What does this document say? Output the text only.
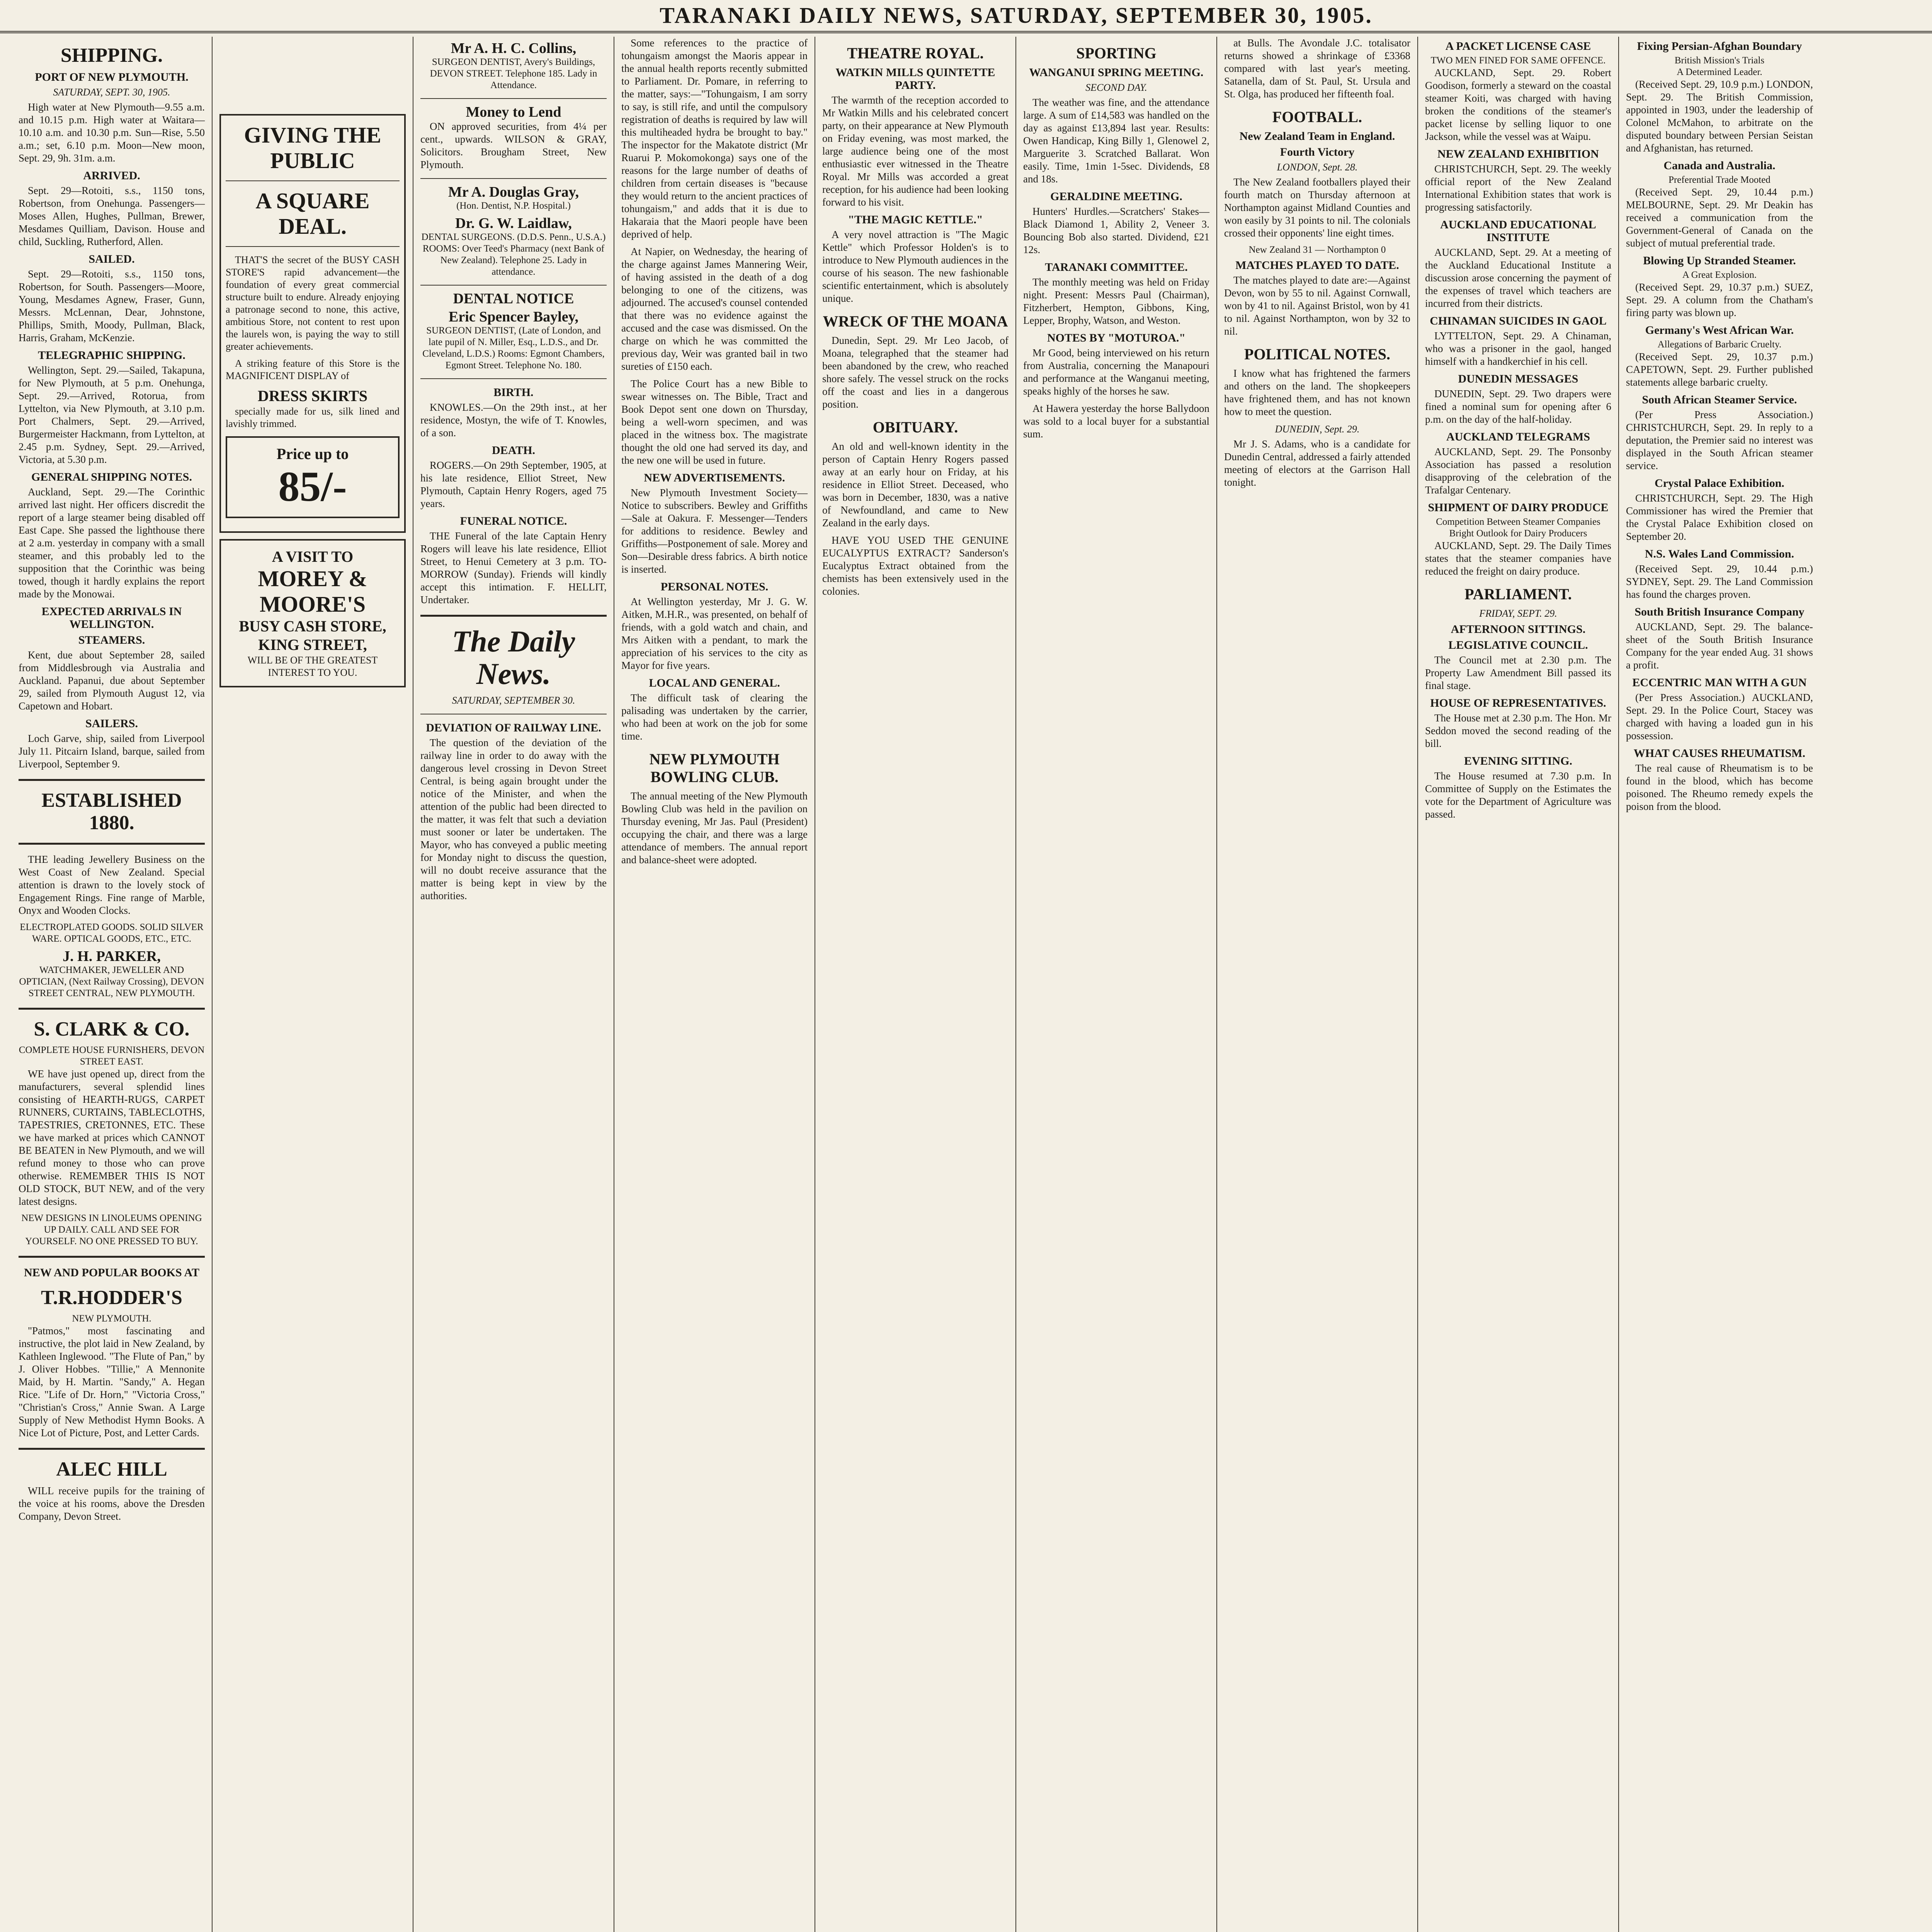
TARANAKI DAILY NEWS, SATURDAY, SEPTEMBER 30, 1905.
SHIPPING.
PORT OF NEW PLYMOUTH.
SATURDAY, SEPT. 30, 1905.

High water at New Plymouth—9.55 a.m. and 10.15 p.m. High water at Waitara—10.10 a.m. and 10.30 p.m. Sun—Rise, 5.50 a.m.; set, 6.10 p.m. Moon—New moon, Sept. 29, 9h. 31m. a.m.

ARRIVED.

Sept. 29—Rotoiti, s.s., 1150 tons, Robertson, from Onehunga. Passengers—Moses Allen, Hughes, Pullman, Brewer, Mesdames Quilliam, Davison. House and child, Suckling, Rutherford, Allen.

SAILED.

Sept. 29—Rotoiti, s.s., 1150 tons, Robertson, for South. Passengers—Moore, Young, Mesdames Agnew, Fraser, Gunn, Messrs. McLennan, Dear, Johnstone, Phillips, Smith, Moody, Pullman, Black, Harris, Graham, McKenzie.

TELEGRAPHIC SHIPPING.

Wellington, Sept. 29.—Sailed, Takapuna, for New Plymouth, at 5 p.m. Onehunga, Sept. 29.—Arrived, Rotorua, from Lyttelton, via New Plymouth, at 3.10 p.m. Port Chalmers, Sept. 29.—Arrived, Burgermeister Hackmann, from Lyttelton, at 2.45 p.m. Sydney, Sept. 29.—Arrived, Victoria, at 5.30 p.m.

GENERAL SHIPPING NOTES.

Auckland, Sept. 29.—The Corinthic arrived last night. Her officers discredit the report of a large steamer being disabled off East Cape. She passed the lighthouse there at 2 a.m. yesterday in company with a small steamer, and this probably led to the supposition that the Corinthic was being towed, though it hardly explains the report made by the Monowai.

EXPECTED ARRIVALS IN WELLINGTON.
STEAMERS.

Kent, due about September 28, sailed from Middlesbrough via Australia and Auckland. Papanui, due about September 29, sailed from Plymouth August 12, via Capetown and Hobart.

SAILERS.

Loch Garve, ship, sailed from Liverpool July 11. Pitcairn Island, barque, sailed from Liverpool, September 9.

ESTABLISHED 1880.

THE leading Jewellery Business on the West Coast of New Zealand. Special attention is drawn to the lovely stock of Engagement Rings. Fine range of Marble, Onyx and Wooden Clocks.

ELECTROPLATED GOODS. SOLID SILVER WARE. OPTICAL GOODS, ETC., ETC.
J. H. PARKER,
WATCHMAKER, JEWELLER AND OPTICIAN, (Next Railway Crossing), DEVON STREET CENTRAL, NEW PLYMOUTH.
S. CLARK & CO.
COMPLETE HOUSE FURNISHERS, DEVON STREET EAST.

WE have just opened up, direct from the manufacturers, several splendid lines consisting of HEARTH-RUGS, CARPET RUNNERS, CURTAINS, TABLECLOTHS, TAPESTRIES, CRETONNES, ETC. These we have marked at prices which CANNOT BE BEATEN in New Plymouth, and we will refund money to those who can prove otherwise. REMEMBER THIS IS NOT OLD STOCK, BUT NEW, and of the very latest designs.

NEW DESIGNS IN LINOLEUMS OPENING UP DAILY. CALL AND SEE FOR YOURSELF. NO ONE PRESSED TO BUY.
NEW AND POPULAR BOOKS AT
T.R.HODDER'S
NEW PLYMOUTH.

"Patmos," most fascinating and instructive, the plot laid in New Zealand, by Kathleen Inglewood. "The Flute of Pan," by J. Oliver Hobbes. "Tillie," A Mennonite Maid, by H. Martin. "Sandy," A. Hegan Rice. "Life of Dr. Horn," "Victoria Cross," "Christian's Cross," Annie Swan. A Large Supply of New Methodist Hymn Books. A Nice Lot of Picture, Post, and Letter Cards.

ALEC HILL

WILL receive pupils for the training of the voice at his rooms, above the Dresden Company, Devon Street.

GIVING THE PUBLIC
A SQUARE DEAL.

THAT'S the secret of the BUSY CASH STORE'S rapid advancement—the foundation of every great commercial structure built to endure. Already enjoying a patronage second to none, this active, ambitious Store, not content to rest upon the laurels won, is paying the way to still greater achievements.

A striking feature of this Store is the MAGNIFICENT DISPLAY of

DRESS SKIRTS

specially made for us, silk lined and lavishly trimmed.

Price up to
85/-
A VISIT TO
MOREY & MOORE'S
BUSY CASH STORE,
KING STREET,
WILL BE OF THE GREATEST INTEREST TO YOU.
Mr A. H. C. Collins,
SURGEON DENTIST, Avery's Buildings, DEVON STREET. Telephone 185. Lady in Attendance.
Money to Lend

ON approved securities, from 4¼ per cent., upwards. WILSON & GRAY, Solicitors. Brougham Street, New Plymouth.

Mr A. Douglas Gray,
(Hon. Dentist, N.P. Hospital.)
Dr. G. W. Laidlaw,
DENTAL SURGEONS. (D.D.S. Penn., U.S.A.) ROOMS: Over Teed's Pharmacy (next Bank of New Zealand). Telephone 25. Lady in attendance.
DENTAL NOTICE
Eric Spencer Bayley,
SURGEON DENTIST, (Late of London, and late pupil of N. Miller, Esq., L.D.S., and Dr. Cleveland, L.D.S.) Rooms: Egmont Chambers, Egmont Street. Telephone No. 180.
BIRTH.

KNOWLES.—On the 29th inst., at her residence, Mostyn, the wife of T. Knowles, of a son.

DEATH.

ROGERS.—On 29th September, 1905, at his late residence, Elliot Street, New Plymouth, Captain Henry Rogers, aged 75 years.

FUNERAL NOTICE.

THE Funeral of the late Captain Henry Rogers will leave his late residence, Elliot Street, to Henui Cemetery at 3 p.m. TO-MORROW (Sunday). Friends will kindly accept this intimation. F. HELLIT, Undertaker.

The Daily News.
SATURDAY, SEPTEMBER 30.
DEVIATION OF RAILWAY LINE.

The question of the deviation of the railway line in order to do away with the dangerous level crossing in Devon Street Central, is being again brought under the notice of the Minister, and when the attention of the public had been directed to the matter, it was felt that such a deviation must sooner or later be undertaken. The Mayor, who has conveyed a public meeting for Monday night to discuss the question, will no doubt receive assurance that the matter is being kept in view by the authorities.

Some references to the practice of tohungaism amongst the Maoris appear in the annual health reports recently submitted to Parliament. Dr. Pomare, in referring to the matter, says:—"Tohungaism, I am sorry to say, is still rife, and until the compulsory registration of deaths is required by law will this multiheaded hydra be brought to bay." The inspector for the Makatote district (Mr Ruarui P. Mokomokonga) says one of the reasons for the large number of deaths of children from certain diseases is "because they would return to the ancient practices of tohungaism," and adds that it is due to Hakaraia that the Maori people have been deprived of help.

At Napier, on Wednesday, the hearing of the charge against James Mannering Weir, of having assisted in the death of a dog belonging to one of the citizens, was adjourned. The accused's counsel contended that there was no evidence against the accused and the case was dismissed. On the charge on which he was committed the previous day, Weir was granted bail in two sureties of £150 each.

The Police Court has a new Bible to swear witnesses on. The Bible, Tract and Book Depot sent one down on Thursday, being a well-worn specimen, and was placed in the witness box. The magistrate thought the old one had served its day, and the new one will be used in future.

NEW ADVERTISEMENTS.

New Plymouth Investment Society—Notice to subscribers. Bewley and Griffiths—Sale at Oakura. F. Messenger—Tenders for additions to residence. Bewley and Griffiths—Postponement of sale. Morey and Son—Desirable dress fabrics. A birth notice is inserted.

PERSONAL NOTES.

At Wellington yesterday, Mr J. G. W. Aitken, M.H.R., was presented, on behalf of friends, with a gold watch and chain, and Mrs Aitken with a pendant, to mark the appreciation of his services to the city as Mayor for five years.

LOCAL AND GENERAL.

The difficult task of clearing the palisading was undertaken by the carrier, who had been at work on the job for some time.

NEW PLYMOUTH BOWLING CLUB.

The annual meeting of the New Plymouth Bowling Club was held in the pavilion on Thursday evening, Mr Jas. Paul (President) occupying the chair, and there was a large attendance of members. The annual report and balance-sheet were adopted.

THEATRE ROYAL.
WATKIN MILLS QUINTETTE PARTY.

The warmth of the reception accorded to Mr Watkin Mills and his celebrated concert party, on their appearance at New Plymouth on Friday evening, was most marked, the large audience being one of the most enthusiastic ever witnessed in the Theatre Royal. Mr Mills was accorded a great reception, for his audience had been looking forward to his visit.

"THE MAGIC KETTLE."

A very novel attraction is "The Magic Kettle" which Professor Holden's is to introduce to New Plymouth audiences in the course of his season. The new fashionable scientific entertainment, which is absolutely unique.

WRECK OF THE MOANA

Dunedin, Sept. 29. Mr Leo Jacob, of Moana, telegraphed that the steamer had been abandoned by the crew, who reached shore safely. The vessel struck on the rocks off the coast and lies in a dangerous position.

OBITUARY.

An old and well-known identity in the person of Captain Henry Rogers passed away at an early hour on Friday, at his residence in Elliot Street. Deceased, who was born in December, 1830, was a native of Newfoundland, and came to New Zealand in the early days.

HAVE YOU USED THE GENUINE EUCALYPTUS EXTRACT? Sanderson's Eucalyptus Extract obtained from the chemists has been extensively used in the colonies.

SPORTING
WANGANUI SPRING MEETING.
SECOND DAY.

The weather was fine, and the attendance large. A sum of £14,583 was handled on the day as against £13,894 last year. Results: Owen Handicap, King Billy 1, Glenowel 2, Marguerite 3. Scratched Ballarat. Won easily. Time, 1min 1-5sec. Dividends, £8 and 18s.

GERALDINE MEETING.

Hunters' Hurdles.—Scratchers' Stakes—Black Diamond 1, Ability 2, Veneer 3. Bouncing Bob also started. Dividend, £21 12s.

TARANAKI COMMITTEE.

The monthly meeting was held on Friday night. Present: Messrs Paul (Chairman), Fitzherbert, Hempton, Gibbons, King, Lepper, Brophy, Watson, and Weston.

NOTES BY "MOTUROA."

Mr Good, being interviewed on his return from Australia, concerning the Manapouri and performance at the Wanganui meeting, speaks highly of the horses he saw.

At Hawera yesterday the horse Ballydoon was sold to a local buyer for a substantial sum.

at Bulls. The Avondale J.C. totalisator returns showed a shrinkage of £3368 compared with last year's meeting. Satanella, dam of St. Paul, St. Ursula and St. Olga, has produced her fifteenth foal.

FOOTBALL.
New Zealand Team in England.
Fourth Victory
LONDON, Sept. 28.

The New Zealand footballers played their fourth match on Thursday afternoon at Northampton against Midland Counties and won easily by 31 points to nil. The colonials crossed their opponents' line eight times.

New Zealand 31 — Northampton 0
MATCHES PLAYED TO DATE.

The matches played to date are:—Against Devon, won by 55 to nil. Against Cornwall, won by 41 to nil. Against Bristol, won by 41 to nil. Against Northampton, won by 32 to nil.

POLITICAL NOTES.

I know what has frightened the farmers and others on the land. The shopkeepers have frightened them, and has not known how to meet the question.

DUNEDIN, Sept. 29.

Mr J. S. Adams, who is a candidate for Dunedin Central, addressed a fairly attended meeting of electors at the Garrison Hall tonight.

A PACKET LICENSE CASE
TWO MEN FINED FOR SAME OFFENCE.

AUCKLAND, Sept. 29. Robert Goodison, formerly a steward on the coastal steamer Koiti, was charged with having broken the conditions of the steamer's packet license by selling liquor to one Jackson, while the vessel was at Waipu.

NEW ZEALAND EXHIBITION

CHRISTCHURCH, Sept. 29. The weekly official report of the New Zealand International Exhibition states that work is progressing satisfactorily.

AUCKLAND EDUCATIONAL INSTITUTE

AUCKLAND, Sept. 29. At a meeting of the Auckland Educational Institute a discussion arose concerning the payment of the expenses of travel which teachers are incurred from their districts.

CHINAMAN SUICIDES IN GAOL

LYTTELTON, Sept. 29. A Chinaman, who was a prisoner in the gaol, hanged himself with a handkerchief in his cell.

DUNEDIN MESSAGES

DUNEDIN, Sept. 29. Two drapers were fined a nominal sum for opening after 6 p.m. on the day of the half-holiday.

AUCKLAND TELEGRAMS

AUCKLAND, Sept. 29. The Ponsonby Association has passed a resolution disapproving of the celebration of the Trafalgar Centenary.

SHIPMENT OF DAIRY PRODUCE
Competition Between Steamer Companies
Bright Outlook for Dairy Producers

AUCKLAND, Sept. 29. The Daily Times states that the steamer companies have reduced the freight on dairy produce.

PARLIAMENT.
FRIDAY, SEPT. 29.
AFTERNOON SITTINGS.
LEGISLATIVE COUNCIL.

The Council met at 2.30 p.m. The Property Law Amendment Bill passed its final stage.

HOUSE OF REPRESENTATIVES.

The House met at 2.30 p.m. The Hon. Mr Seddon moved the second reading of the bill.

EVENING SITTING.

The House resumed at 7.30 p.m. In Committee of Supply on the Estimates the vote for the Department of Agriculture was passed.

Fixing Persian-Afghan Boundary
British Mission's Trials
A Determined Leader.

(Received Sept. 29, 10.9 p.m.) LONDON, Sept. 29. The British Commission, appointed in 1903, under the leadership of Colonel McMahon, to arbitrate on the disputed boundary between Persian Seistan and Afghanistan, has returned.

Canada and Australia.
Preferential Trade Mooted

(Received Sept. 29, 10.44 p.m.) MELBOURNE, Sept. 29. Mr Deakin has received a communication from the Government-General of Canada on the subject of mutual preferential trade.

Blowing Up Stranded Steamer.
A Great Explosion.

(Received Sept. 29, 10.37 p.m.) SUEZ, Sept. 29. A column from the Chatham's firing party was blown up.

Germany's West African War.
Allegations of Barbaric Cruelty.

(Received Sept. 29, 10.37 p.m.) CAPETOWN, Sept. 29. Further published statements allege barbaric cruelty.

South African Steamer Service.

(Per Press Association.) CHRISTCHURCH, Sept. 29. In reply to a deputation, the Premier said no interest was displayed in the South African steamer service.

Crystal Palace Exhibition.

CHRISTCHURCH, Sept. 29. The High Commissioner has wired the Premier that the Crystal Palace Exhibition closed on September 20.

N.S. Wales Land Commission.

(Received Sept. 29, 10.44 p.m.) SYDNEY, Sept. 29. The Land Commission has found the charges proven.

South British Insurance Company

AUCKLAND, Sept. 29. The balance-sheet of the South British Insurance Company for the year ended Aug. 31 shows a profit.

ECCENTRIC MAN WITH A GUN

(Per Press Association.) AUCKLAND, Sept. 29. In the Police Court, Stacey was charged with having a loaded gun in his possession.

WHAT CAUSES RHEUMATISM.

The real cause of Rheumatism is to be found in the blood, which has become poisoned. The Rheumo remedy expels the poison from the blood.
